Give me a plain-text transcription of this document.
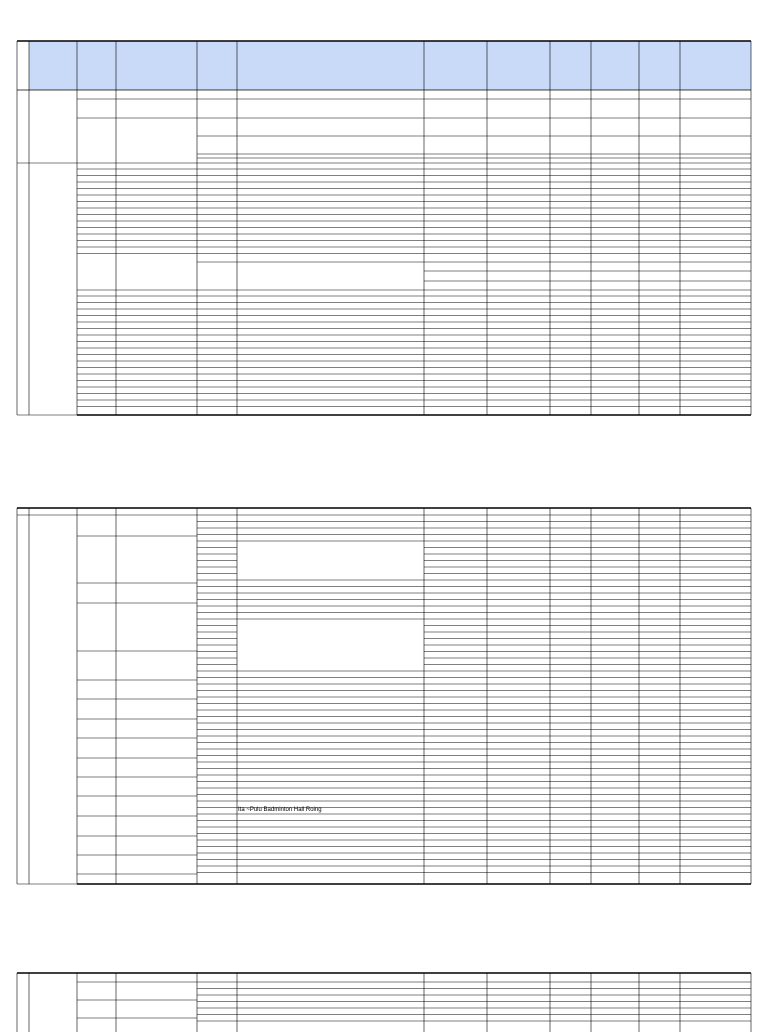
Ita ~Pulu Badminton Hall Roing
